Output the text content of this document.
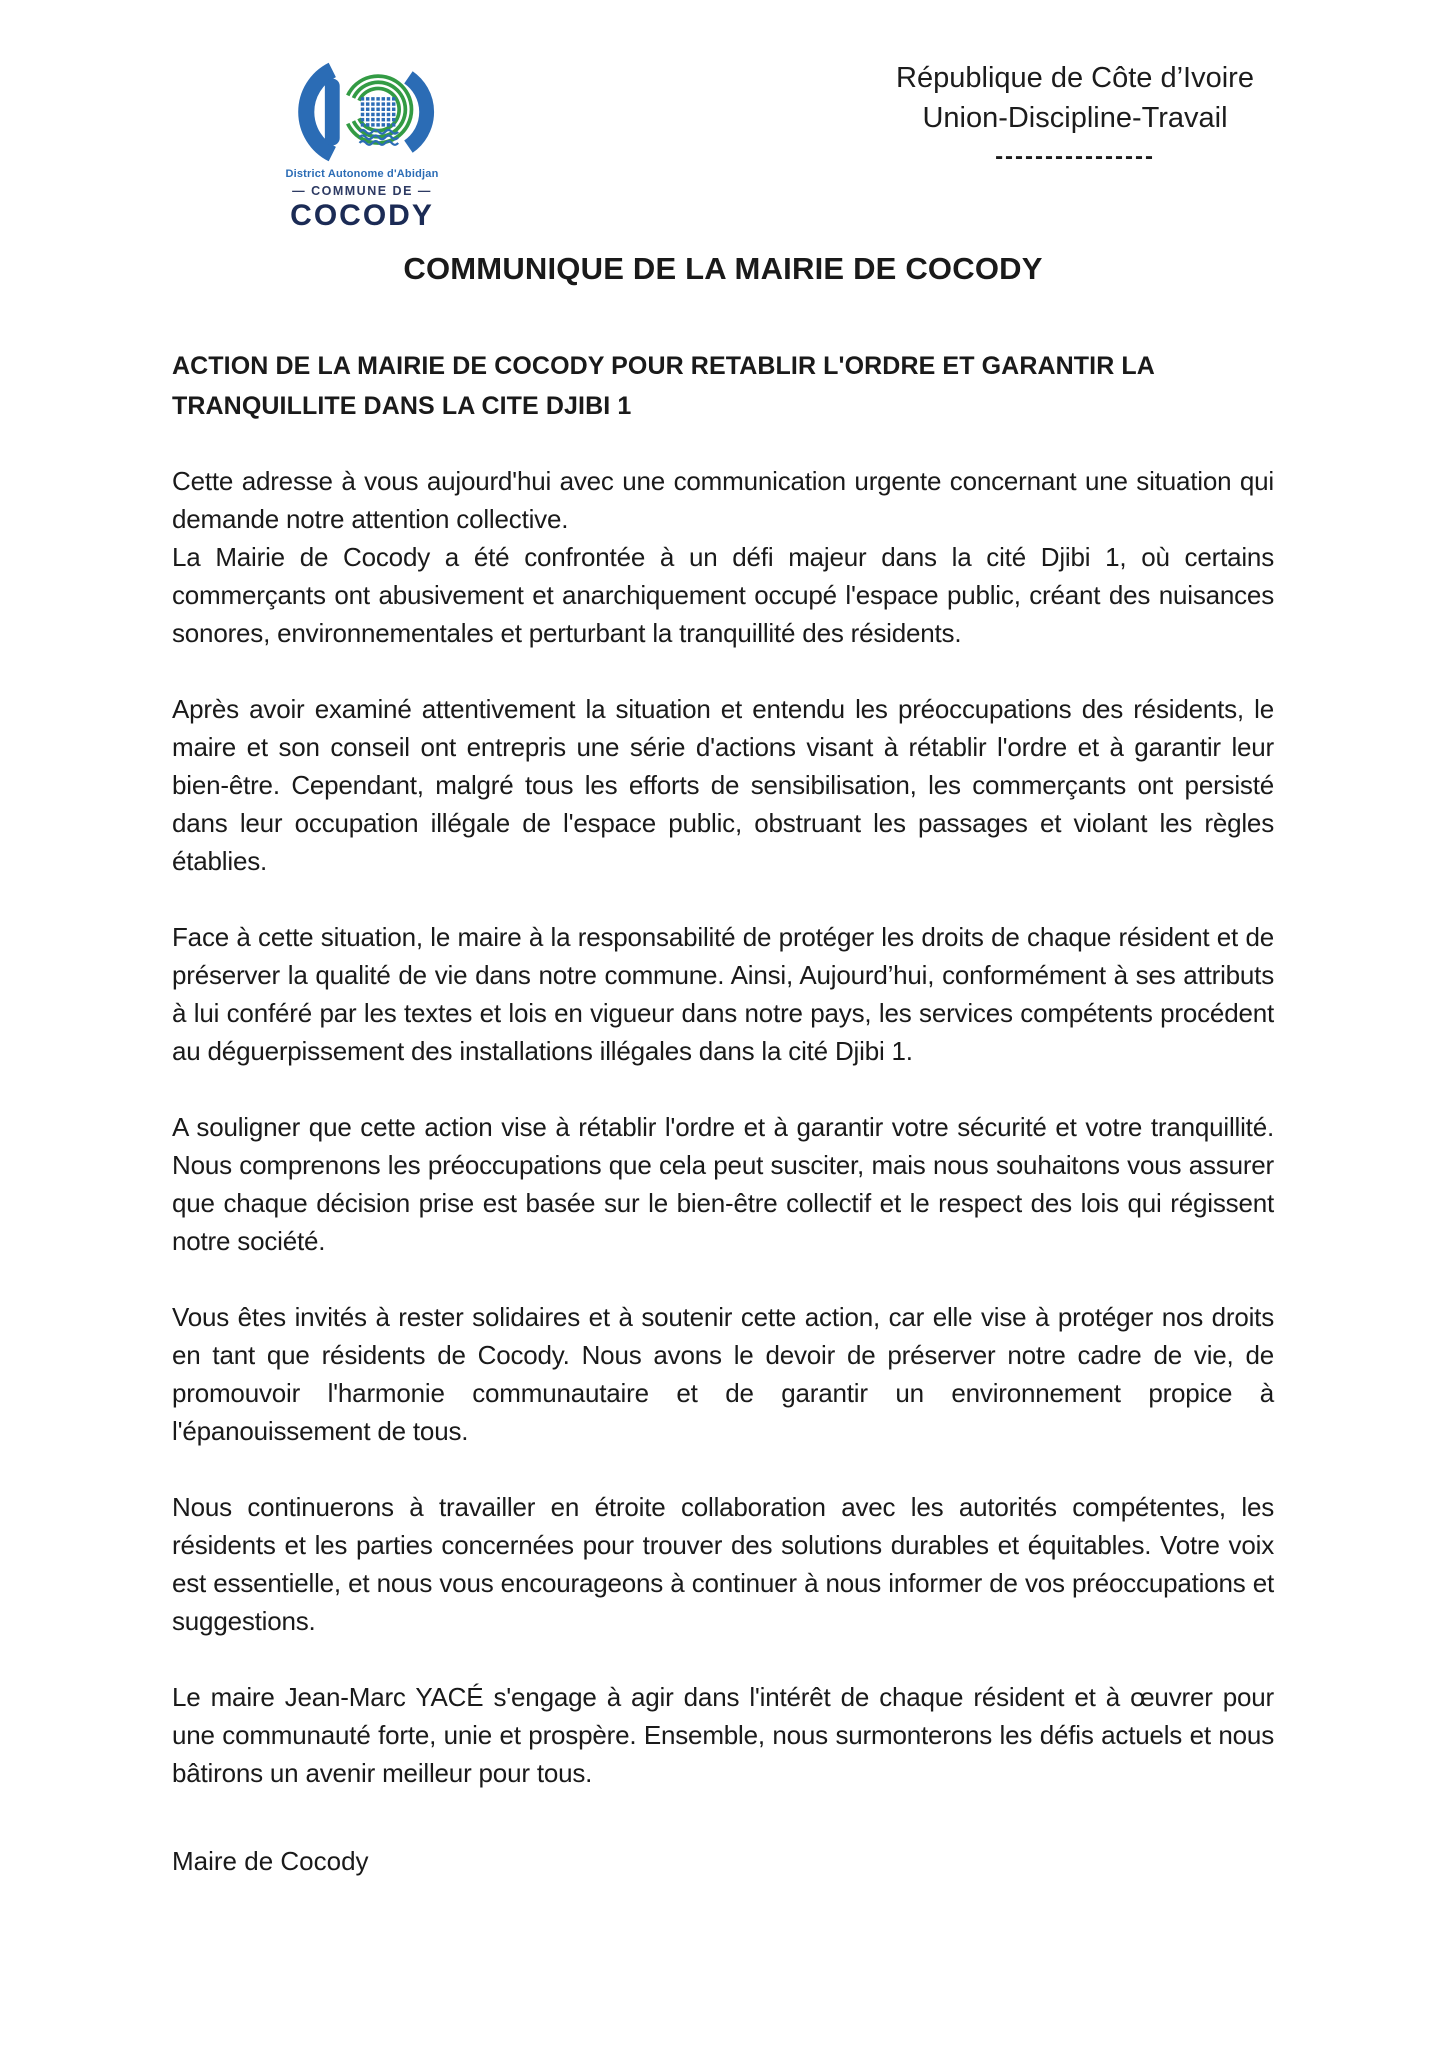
District Autonome d'Abidjan
— COMMUNE DE —
COCODY
République de Côte d’Ivoire
Union-Discipline-Travail
----------------
COMMUNIQUE DE LA MAIRIE DE COCODY
ACTION DE LA MAIRIE DE COCODY POUR RETABLIR L'ORDRE ET GARANTIR LA TRANQUILLITE DANS LA CITE DJIBI 1

Cette adresse à vous aujourd'hui avec une communication urgente concernant une situation qui demande notre attention collective.

La Mairie de Cocody a été confrontée à un défi majeur dans la cité Djibi 1, où certains commerçants ont abusivement et anarchiquement occupé l'espace public, créant des nuisances sonores, environnementales et perturbant la tranquillité des résidents.

Après avoir examiné attentivement la situation et entendu les préoccupations des résidents, le maire et son conseil ont entrepris une série d'actions visant à rétablir l'ordre et à garantir leur bien-être. Cependant, malgré tous les efforts de sensibilisation, les commerçants ont persisté dans leur occupation illégale de l'espace public, obstruant les passages et violant les règles établies.

Face à cette situation, le maire à la responsabilité de protéger les droits de chaque résident et de préserver la qualité de vie dans notre commune. Ainsi, Aujourd’hui, conformément à ses attributs à lui conféré par les textes et lois en vigueur dans notre pays, les services compétents procédent au déguerpissement des installations illégales dans la cité Djibi 1.

A souligner que cette action vise à rétablir l'ordre et à garantir votre sécurité et votre tranquillité. Nous comprenons les préoccupations que cela peut susciter, mais nous souhaitons vous assurer que chaque décision prise est basée sur le bien-être collectif et le respect des lois qui régissent notre société.

Vous êtes invités à rester solidaires et à soutenir cette action, car elle vise à protéger nos droits en tant que résidents de Cocody. Nous avons le devoir de préserver notre cadre de vie, de promouvoir l'harmonie communautaire et de garantir un environnement propice à l'épanouissement de tous.

Nous continuerons à travailler en étroite collaboration avec les autorités compétentes, les résidents et les parties concernées pour trouver des solutions durables et équitables. Votre voix est essentielle, et nous vous encourageons à continuer à nous informer de vos préoccupations et suggestions.

Le maire Jean-Marc YACÉ s'engage à agir dans l'intérêt de chaque résident et à œuvrer pour une communauté forte, unie et prospère. Ensemble, nous surmonterons les défis actuels et nous bâtirons un avenir meilleur pour tous.

Maire de Cocody
